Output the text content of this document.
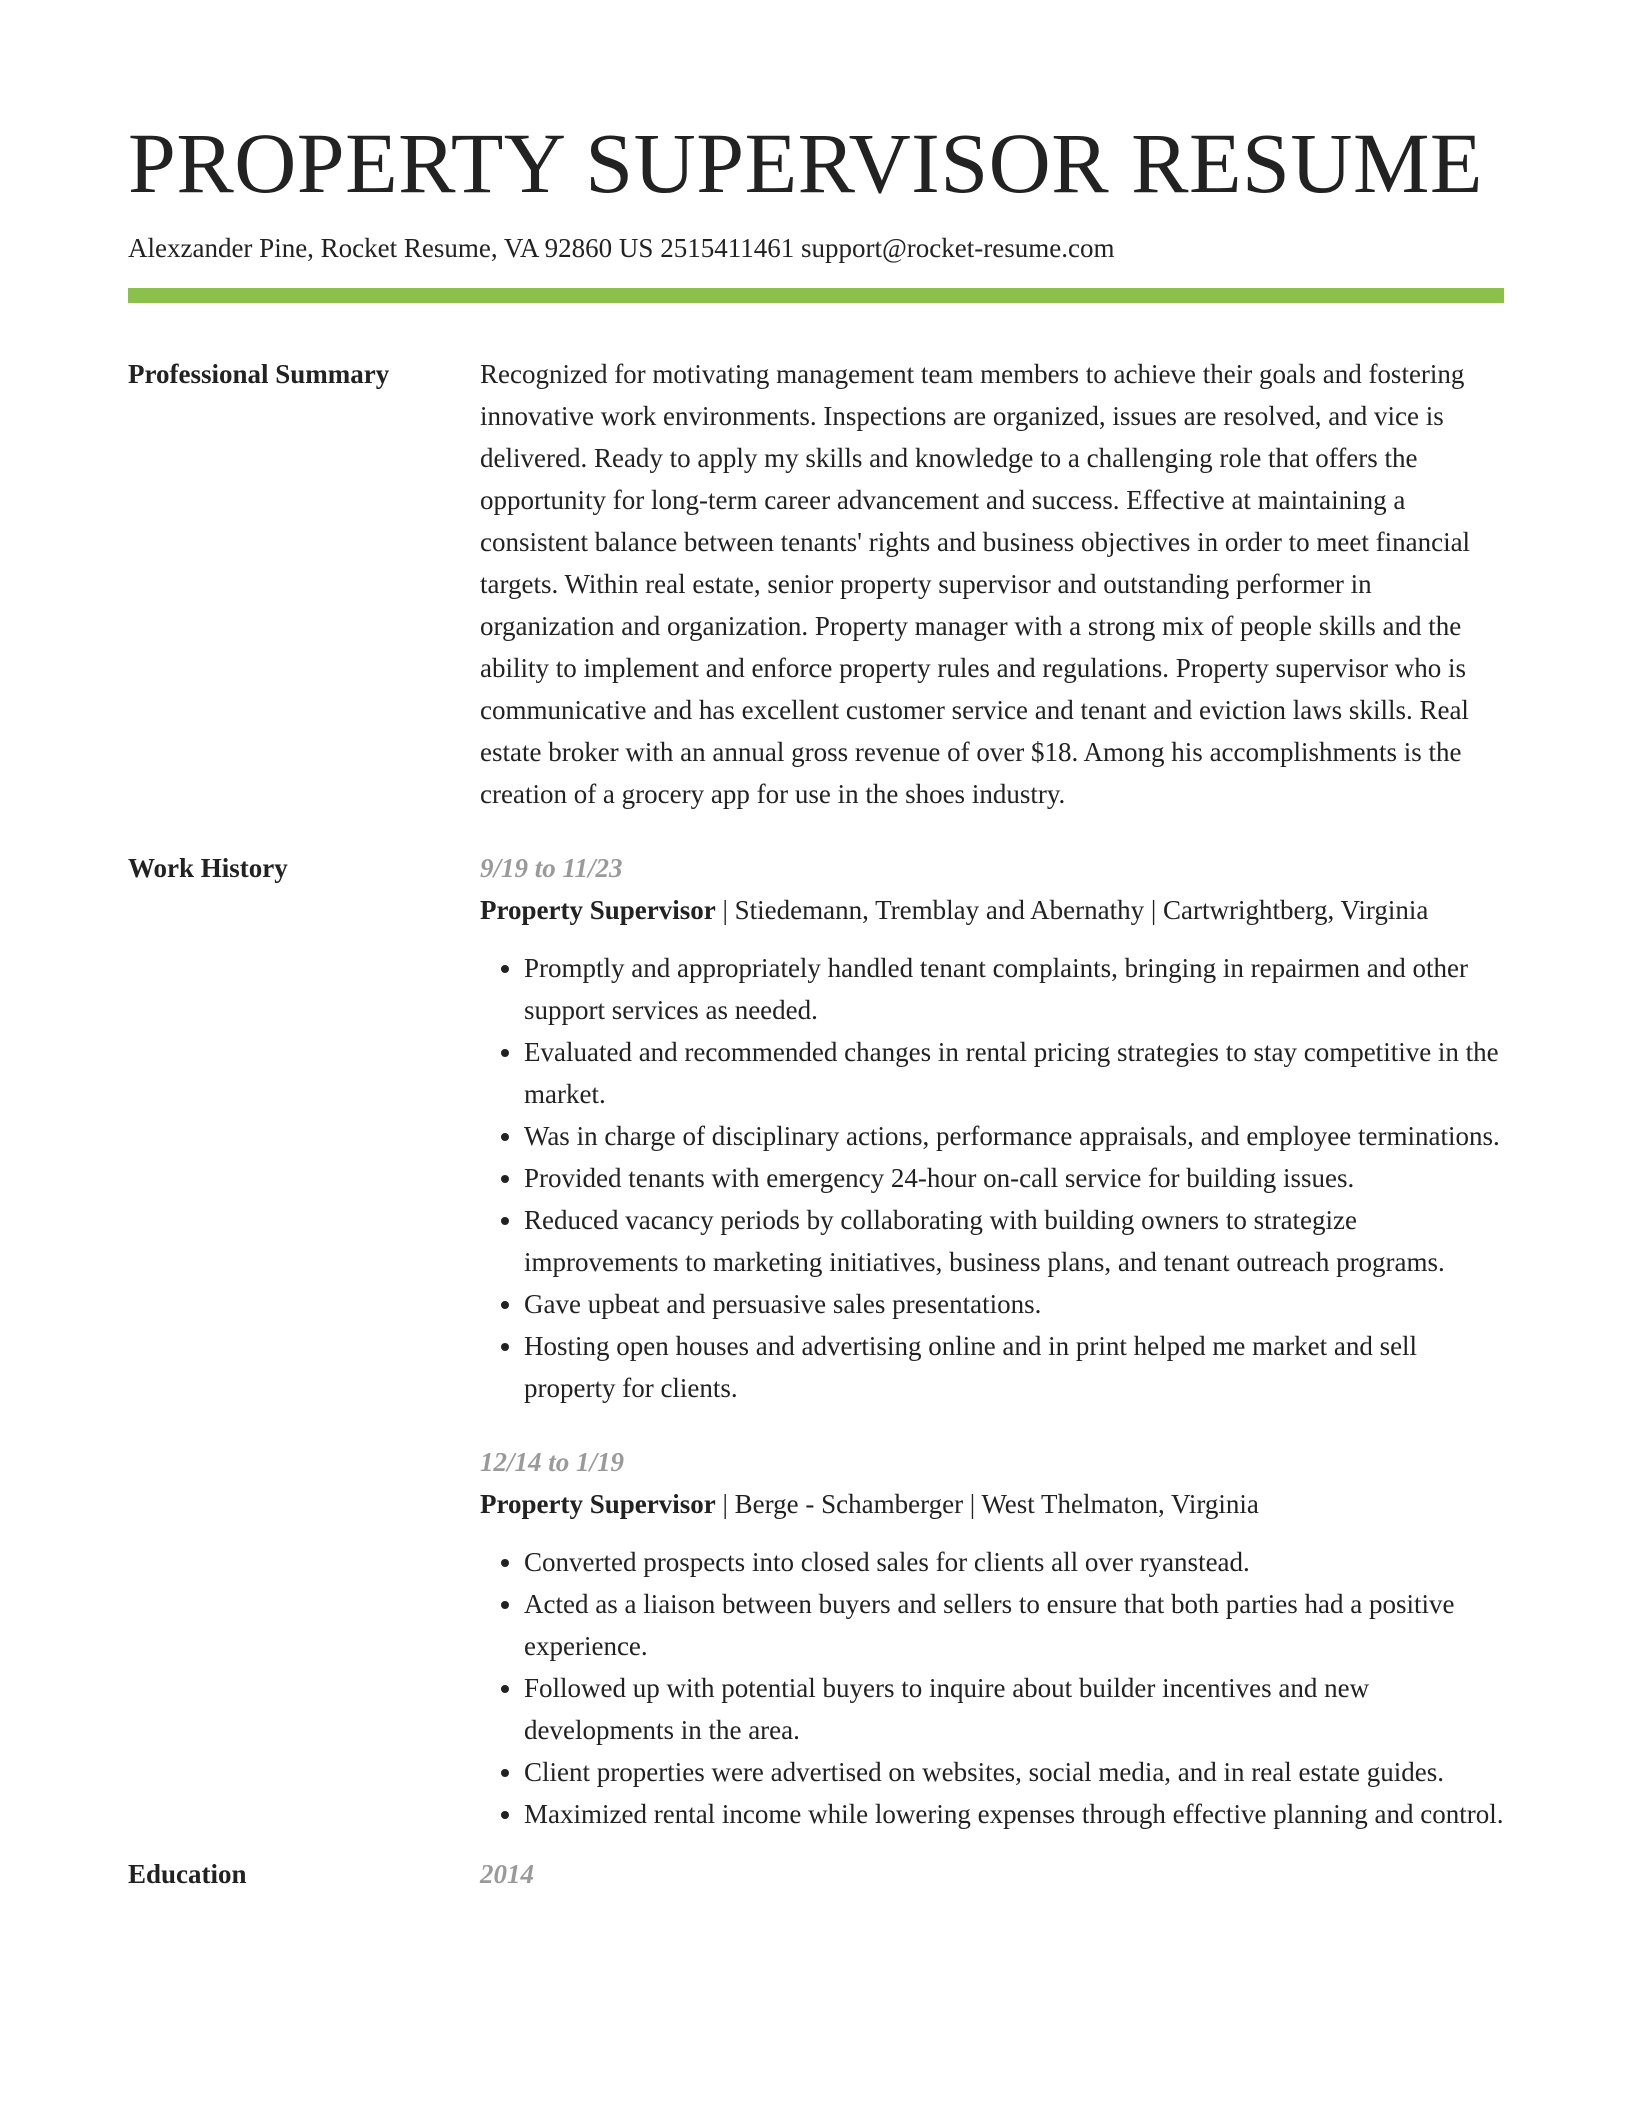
PROPERTY SUPERVISOR RESUME
Alexzander Pine, Rocket Resume, VA 92860 US 2515411461 support@rocket-resume.com
Professional Summary	Recognized for motivating management team members to achieve their goals and fostering innovative work environments. Inspections are organized, issues are resolved, and vice is delivered. Ready to apply my skills and knowledge to a challenging role that offers the opportunity for long-term career advancement and success. Effective at maintaining a consistent balance between tenants' rights and business objectives in order to meet financial targets. Within real estate, senior property supervisor and outstanding performer in organization and organization. Property manager with a strong mix of people skills and the ability to implement and enforce property rules and regulations. Property supervisor who is communicative and has excellent customer service and tenant and eviction laws skills. Real estate broker with an annual gross revenue of over $18. Among his accomplishments is the creation of a grocery app for use in the shoes industry.

Work History	9/19 to 11/23
Property Supervisor | Stiedemann, Tremblay and Abernathy | Cartwrightberg, Virginia
• Promptly and appropriately handled tenant complaints, bringing in repairmen and other support services as needed.
• Evaluated and recommended changes in rental pricing strategies to stay competitive in the market.
• Was in charge of disciplinary actions, performance appraisals, and employee terminations.
• Provided tenants with emergency 24-hour on-call service for building issues.
• Reduced vacancy periods by collaborating with building owners to strategize improvements to marketing initiatives, business plans, and tenant outreach programs.
• Gave upbeat and persuasive sales presentations.
• Hosting open houses and advertising online and in print helped me market and sell property for clients.
12/14 to 1/19
Property Supervisor | Berge - Schamberger | West Thelmaton, Virginia
• Converted prospects into closed sales for clients all over ryanstead.
• Acted as a liaison between buyers and sellers to ensure that both parties had a positive experience.
• Followed up with potential buyers to inquire about builder incentives and new developments in the area.
• Client properties were advertised on websites, social media, and in real estate guides.
• Maximized rental income while lowering expenses through effective planning and control.
Education	2014
